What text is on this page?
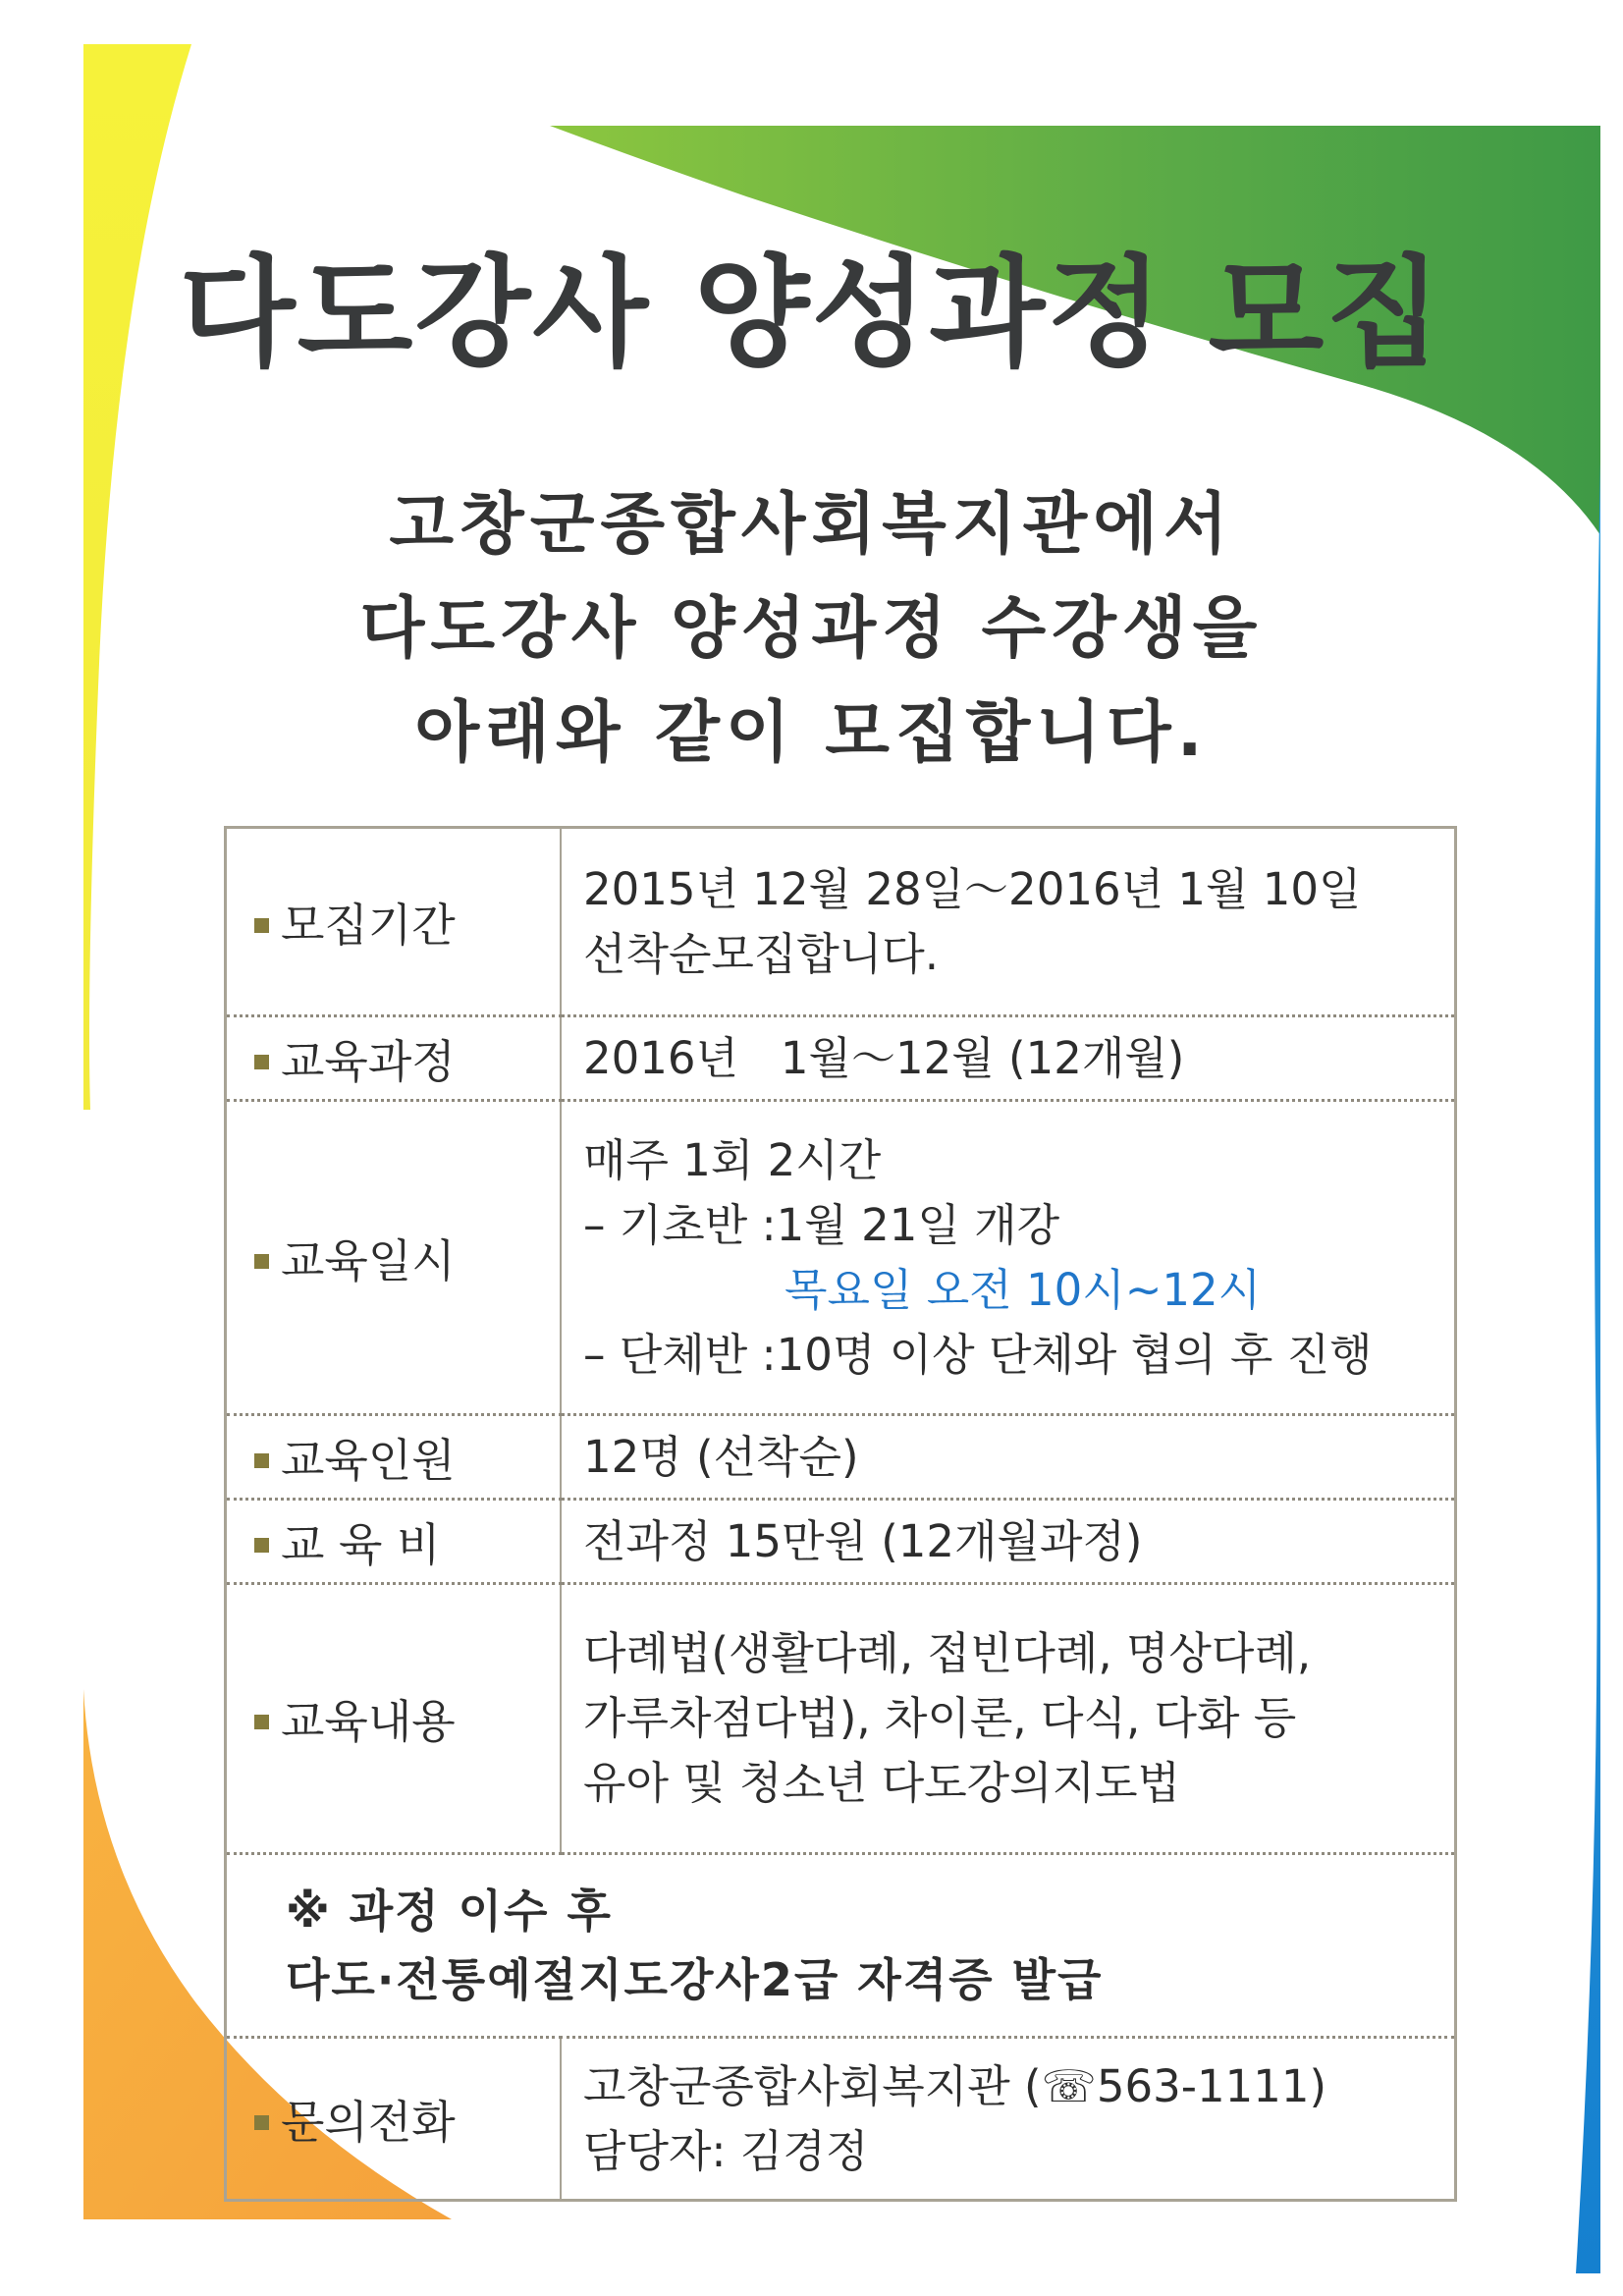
다도강사 양성과정 모집
고창군종합사회복지관에서
다도강사 양성과정 수강생을
아래와 같이 모집합니다.
모집기간	2015년 12월 28일～2016년 1월 10일
선착순모집합니다.

교육과정	2016년   1월～12월 (12개월)

교육일시	매주 1회 2시간
– 기초반 :1월 21일 개강
목요일 오전 10시~12시
– 단체반 :10명 이상 단체와 협의 후 진행

교육인원	12명 (선착순)

교 육 비	전과정 15만원 (12개월과정)

교육내용	다례법(생활다례, 접빈다례, 명상다례,
가루차점다법), 차이론, 다식, 다화 등
유아 및 청소년 다도강의지도법

※ 과정 이수 후
다도·전통예절지도강사2급 자격증 발급	

문의전화	고창군종합사회복지관 (☏563-1111)
담당자: 김경정
